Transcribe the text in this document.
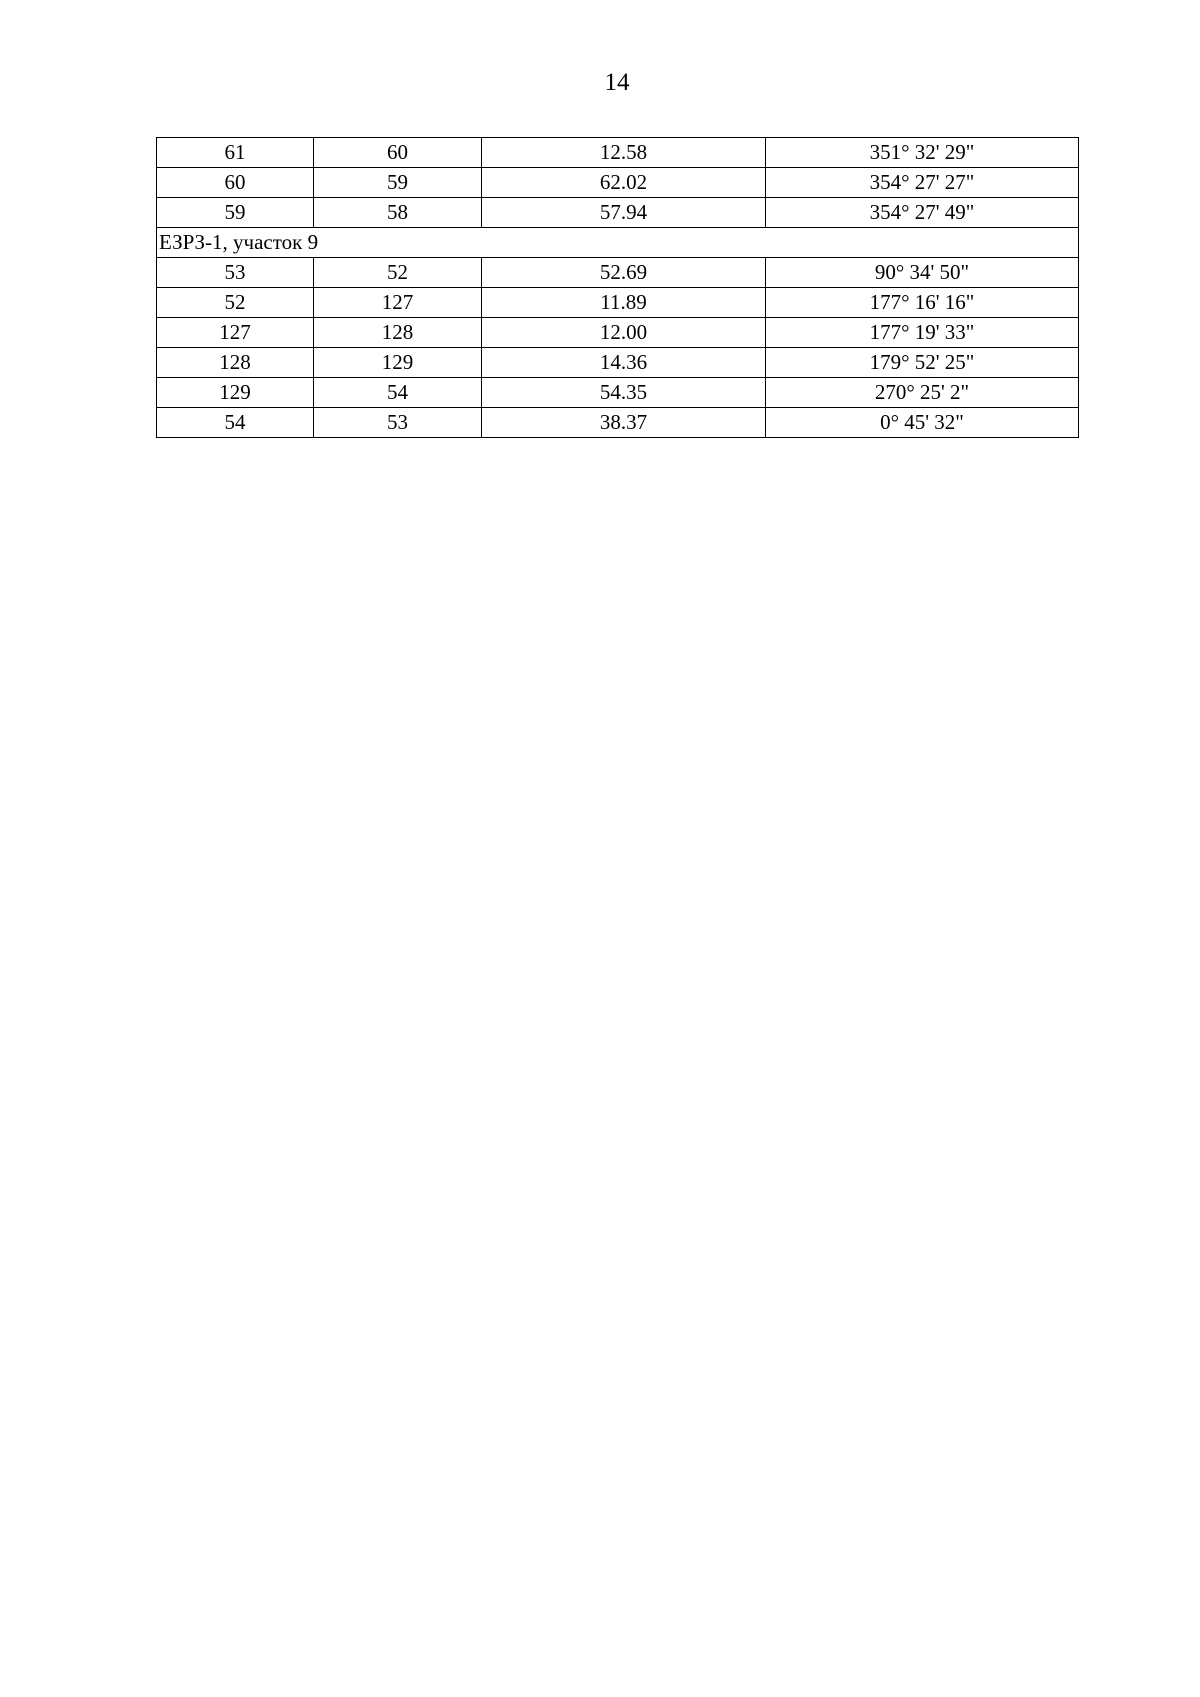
14
61	60	12.58	351° 32' 29"
60	59	62.02	354° 27' 27"
59	58	57.94	354° 27' 49"
ЕЗРЗ-1, участок 9			
53	52	52.69	90° 34' 50"
52	127	11.89	177° 16' 16"
127	128	12.00	177° 19' 33"
128	129	14.36	179° 52' 25"
129	54	54.35	270° 25' 2"
54	53	38.37	0° 45' 32"
